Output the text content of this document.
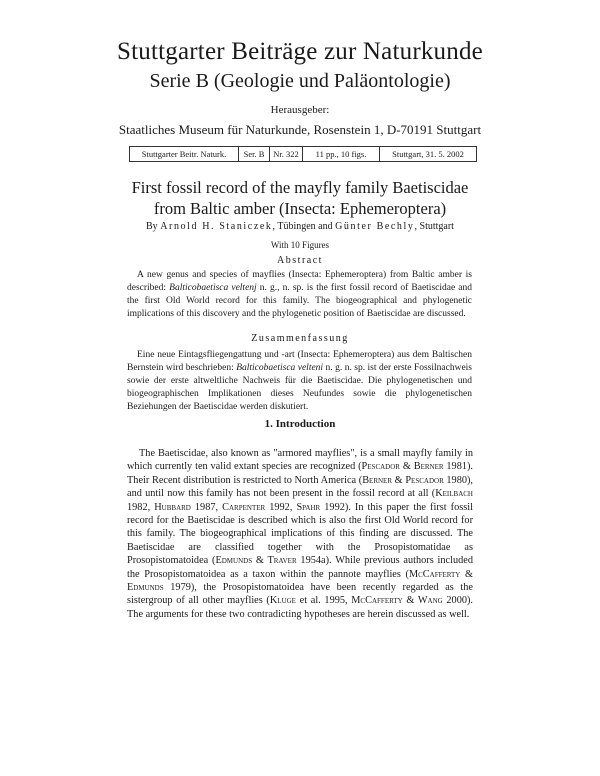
Stuttgarter Beiträge zur Naturkunde
Serie B (Geologie und Paläontologie)
Herausgeber:
Staatliches Museum für Naturkunde, Rosenstein 1, D-70191 Stuttgart
Stuttgarter Beitr. Naturk.	Ser. B	Nr. 322	11 pp., 10 figs.	Stuttgart, 31. 5. 2002
First fossil record of the mayfly family Baetiscidae
from Baltic amber (Insecta: Ephemeroptera)
By Arnold H. Staniczek, Tübingen and Günter Bechly, Stuttgart
With 10 Figures
Abstract

A new genus and species of mayflies (Insecta: Ephemeroptera) from Baltic amber is described: Balticobaetisca veltenj n. g., n. sp. is the first fossil record of Baetiscidae and the first Old World record for this family. The biogeographical and phylogenetic implications of this discovery and the phylogenetic position of Baetiscidae are discussed.

Zusammenfassung

Eine neue Eintagsfliegengattung und -art (Insecta: Ephemeroptera) aus dem Baltischen Bernstein wird beschrieben: Balticobaetisca velteni n. g. n. sp. ist der erste Fossilnachweis sowie der erste altweltliche Nachweis für die Baetiscidae. Die phylogenetischen und biogeographischen Implikationen dieses Neufundes sowie die phylogenetischen Beziehungen der Baetiscidae werden diskutiert.

1. Introduction

The Baetiscidae, also known as "armored mayflies", is a small mayfly family in which currently ten valid extant species are recognized (Pescador & Berner 1981). Their Recent distribution is restricted to North America (Berner & Pescador 1980), and until now this family has not been present in the fossil record at all (Keilbach 1982, Hubbard 1987, Carpenter 1992, Spahr 1992). In this paper the first fossil record for the Baetiscidae is described which is also the first Old World record for this family. The biogeographical implications of this finding are discussed. The Baetiscidae are classified together with the Prosopistomatidae as Prosopistomatoidea (Edmunds & Traver 1954a). While previous authors included the Prosopistomatoidea as a taxon within the pannote mayflies (McCafferty & Edmunds 1979), the Prosopistomatoidea have been recently regarded as the sistergroup of all other mayflies (Kluge et al. 1995, McCafferty & Wang 2000). The arguments for these two contradicting hypotheses are herein discussed as well.
